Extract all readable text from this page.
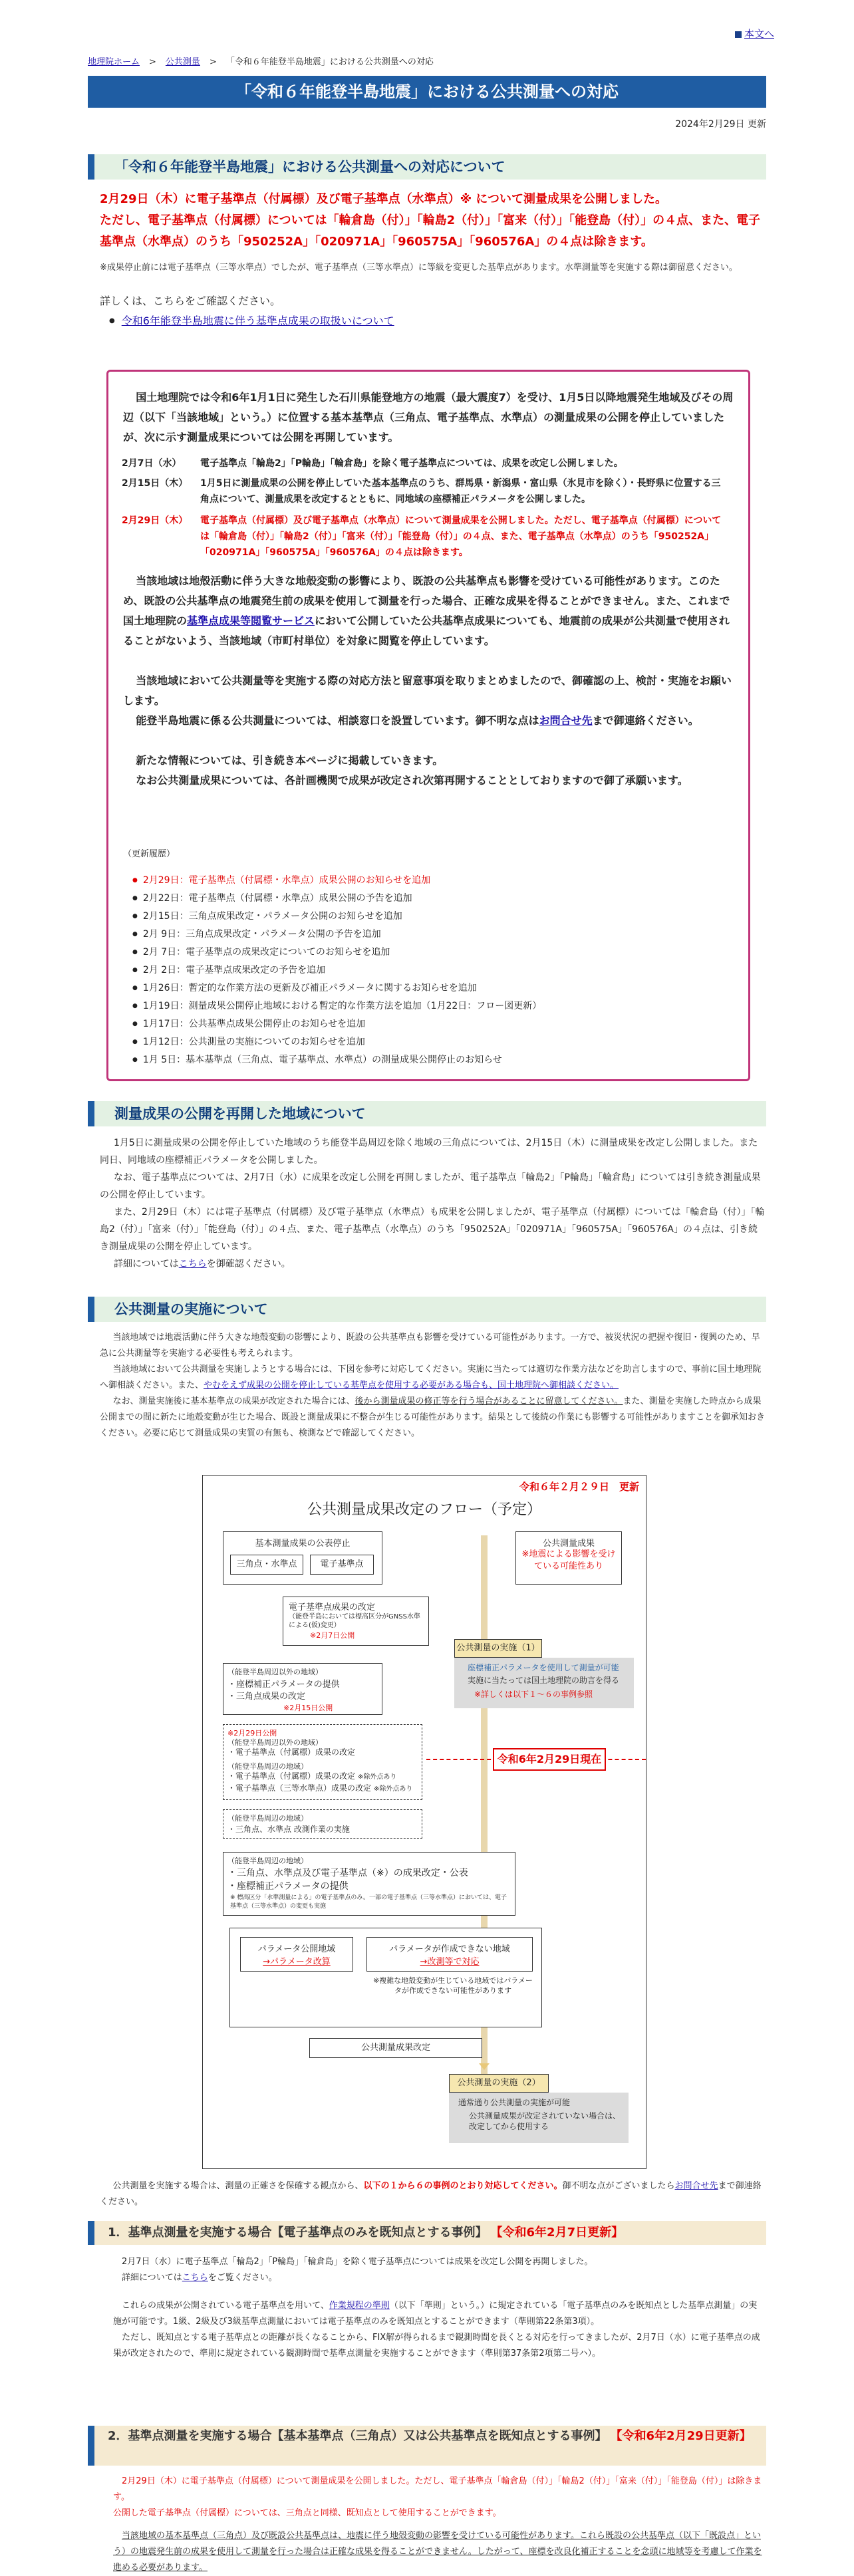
本文へ
地理院ホーム > 公共測量 > 「令和６年能登半島地震」における公共測量への対応
「令和６年能登半島地震」における公共測量への対応
2024年2月29日 更新
「令和６年能登半島地震」における公共測量への対応について
2月29日（木）に電子基準点（付属標）及び電子基準点（水準点）※ について測量成果を公開しました。
ただし、電子基準点（付属標）については「輪倉島（付）」「輪島2（付）」「富来（付）」「能登島（付）」の４点、また、電子基準点（水準点）のうち「950252A」「020971A」「960575A」「960576A」の４点は除きます。
※成果停止前には電子基準点（三等水準点）でしたが、電子基準点（三等水準点）に等級を変更した基準点があります。水準測量等を実施する際は御留意ください。
詳しくは、こちらをご確認ください。
● 令和6年能登半島地震に伴う基準点成果の取扱いについて
国土地理院では令和6年1月1日に発生した石川県能登地方の地震（最大震度7）を受け、1月5日以降地震発生地域及びその周辺（以下「当該地域」という。）に位置する基本基準点（三角点、電子基準点、水準点）の測量成果の公開を停止していましたが、次に示す測量成果については公開を再開しています。
2月7日（水） 電子基準点「輪島2」「P輪島」「輪倉島」を除く電子基準点については、成果を改定し公開しました。
2月15日（木） 1月5日に測量成果の公開を停止していた基本基準点のうち、群馬県・新潟県・富山県（氷見市を除く）・長野県に位置する三角点について、測量成果を改定するとともに、同地域の座標補正パラメータを公開しました。
2月29日（木） 電子基準点（付属標）及び電子基準点（水準点）について測量成果を公開しました。ただし、電子基準点（付属標）については「輪倉島（付）」「輪島2（付）」「富来（付）」「能登島（付）」の４点、また、電子基準点（水準点）のうち「950252A」「020971A」「960575A」「960576A」の４点は除きます。
当該地域は地殻活動に伴う大きな地殻変動の影響により、既設の公共基準点も影響を受けている可能性があります。このため、既設の公共基準点の地震発生前の成果を使用して測量を行った場合、正確な成果を得ることができません。また、これまで国土地理院の基準点成果等閲覧サービスにおいて公開していた公共基準点成果についても、地震前の成果が公共測量で使用されることがないよう、当該地域（市町村単位）を対象に閲覧を停止しています。
当該地域において公共測量等を実施する際の対応方法と留意事項を取りまとめましたので、御確認の上、検討・実施をお願いします。
能登半島地震に係る公共測量については、相談窓口を設置しています。御不明な点はお問合せ先まで御連絡ください。
新たな情報については、引き続き本ページに掲載していきます。
なお公共測量成果については、各計画機関で成果が改定され次第再開することとしておりますので御了承願います。
（更新履歴）
● 2月29日：電子基準点（付属標・水準点）成果公開のお知らせを追加
● 2月22日：電子基準点（付属標・水準点）成果公開の予告を追加
● 2月15日：三角点成果改定・パラメータ公開のお知らせを追加
● 2月 9日：三角点成果改定・パラメータ公開の予告を追加
● 2月 7日：電子基準点の成果改定についてのお知らせを追加
● 2月 2日：電子基準点成果改定の予告を追加
● 1月26日：暫定的な作業方法の更新及び補正パラメータに関するお知らせを追加
● 1月19日：測量成果公開停止地域における暫定的な作業方法を追加（1月22日：フロー図更新）
● 1月17日：公共基準点成果公開停止のお知らせを追加
● 1月12日：公共測量の実施についてのお知らせを追加
● 1月 5日：基本基準点（三角点、電子基準点、水準点）の測量成果公開停止のお知らせ
測量成果の公開を再開した地域について
1月5日に測量成果の公開を停止していた地域のうち能登半島周辺を除く地域の三角点については、2月15日（木）に測量成果を改定し公開しました。また同日、同地域の座標補正パラメータを公開しました。
なお、電子基準点については、2月7日（水）に成果を改定し公開を再開しましたが、電子基準点「輪島2」「P輪島」「輪倉島」については引き続き測量成果の公開を停止しています。
また、2月29日（木）には電子基準点（付属標）及び電子基準点（水準点）も成果を公開しましたが、電子基準点（付属標）については「輪倉島（付）」「輪島2（付）」「富来（付）」「能登島（付）」の４点、また、電子基準点（水準点）のうち「950252A」「020971A」「960575A」「960576A」の４点は、引き続き測量成果の公開を停止しています。
詳細についてはこちらを御確認ください。
公共測量の実施について
当該地域では地震活動に伴う大きな地殻変動の影響により、既設の公共基準点も影響を受けている可能性があります。一方で、被災状況の把握や復旧・復興のため、早急に公共測量等を実施する必要性も考えられます。
当該地域において公共測量を実施しようとする場合には、下図を参考に対応してください。実施に当たっては適切な作業方法などを助言しますので、事前に国土地理院へ御相談ください。また、やむをえず成果の公開を停止している基準点を使用する必要がある場合も、国土地理院へ御相談ください。
なお、測量実施後に基本基準点の成果が改定された場合には、後から測量成果の修正等を行う場合があることに留意してください。また、測量を実施した時点から成果公開までの間に新たに地殻変動が生じた場合、既設と測量成果に不整合が生じる可能性があります。結果として後続の作業にも影響する可能性がありますことを御承知おきください。必要に応じて測量成果の実質の有無も、検測などで確認してください。
令和６年２月２９日　更新
公共測量成果改定のフロー（予定）
基本測量成果の公表停止
三角点・水準点	電子基準点
公共測量成果
※地震による影響を受けている可能性あり
電子基準点成果の改定
（能登半島においては標高区分がGNSS水準による(仮)変更）
※2月7日公開
公共測量の実施（1）
座標補正パラメータを使用して測量が可能
実施に当たっては国土地理院の助言を得る
※詳しくは以下１～６の事例参照
（能登半島周辺以外の地域）
・座標補正パラメータの提供
・三角点成果の改定
※2月15日公開
※2月29日公開
（能登半島周辺以外の地域）
・電子基準点（付属標）成果の改定
（能登半島周辺の地域）
・電子基準点（付属標）成果の改定 ※除外点あり
・電子基準点（三等水準点）成果の改定 ※除外点あり
令和6年2月29日現在
（能登半島周辺の地域）
・三角点、水準点 改測作業の実施
（能登半島周辺の地域）
・三角点、水準点及び電子基準点（※）の成果改定・公表
・座標補正パラメータの提供
※ 標高区分「水準測量による」の電子基準点のみ。一部の電子基準点（三等水準点）においては、電子基準点（三等水準点）の変更も実施
パラメータ公開地域
→パラメータ改算
パラメータが作成できない地域
→改測等で対応
※複雑な地殻変動が生じている地域ではパラメータが作成できない可能性があります
公共測量成果改定
公共測量の実施（2）
通常通り公共測量の実施が可能
公共測量成果が改定されていない場合は、改定してから使用する
公共測量を実施する場合は、測量の正確さを保確する観点から、以下の１から６の事例のとおり対応してください。御不明な点がございましたらお問合せ先まで御連絡ください。
1．基準点測量を実施する場合【電子基準点のみを既知点とする事例】 【令和6年2月7日更新】
2月7日（水）に電子基準点「輪島2」「P輪島」「輪倉島」を除く電子基準点については成果を改定し公開を再開しました。
詳細についてはこちらをご覧ください。
これらの成果が公開されている電子基準点を用いて、作業規程の準則（以下「準則」という。）に規定されている「電子基準点のみを既知点とした基準点測量」の実施が可能です。1級、2級及び3級基準点測量においては電子基準点のみを既知点とすることができます（準則第22条第3項）。
ただし、既知点とする電子基準点との距離が長くなることから、FIX解が得られるまで観測時間を長くとる対応を行ってきましたが、2月7日（水）に電子基準点の成果が改定されたので、準則に規定されている観測時間で基準点測量を実施することができます（準則第37条第2項第二号ハ）。
2．基準点測量を実施する場合【基本基準点（三角点）又は公共基準点を既知点とする事例】 【令和6年2月29日更新】
2月29日（木）に電子基準点（付属標）について測量成果を公開しました。ただし、電子基準点「輪倉島（付）」「輪島2（付）」「富来（付）」「能登島（付）」は除きます。
公開した電子基準点（付属標）については、三角点と同様、既知点として使用することができます。
当該地域の基本基準点（三角点）及び既設公共基準点は、地震に伴う地殻変動の影響を受けている可能性があります。これら既設の公共基準点（以下「既設点」という）の地震発生前の成果を使用して測量を行った場合は正確な成果を得ることができません。したがって、座標を改良化補正することを念頭に地域等を考慮して作業を進める必要があります。
